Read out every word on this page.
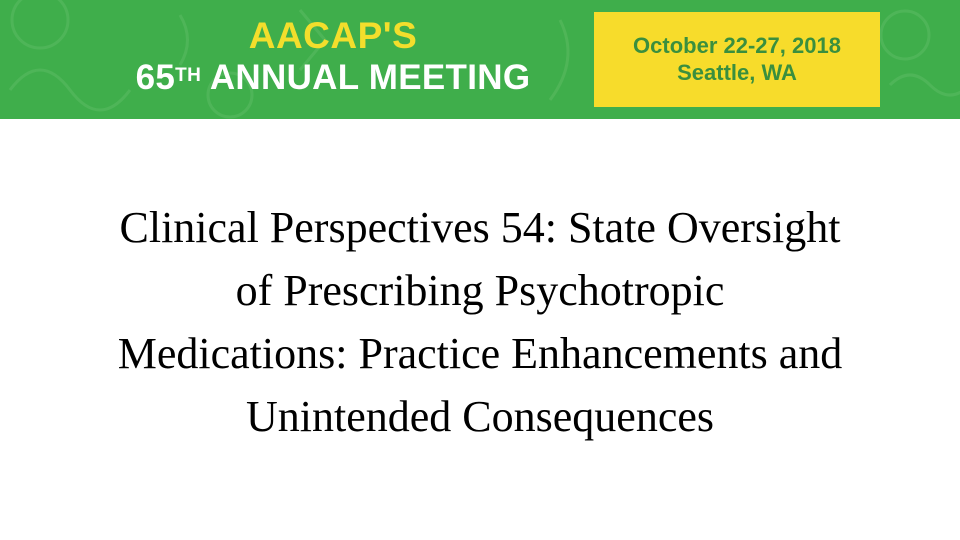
AACAP'S
65TH ANNUAL MEETING
October 22-27, 2018
Seattle, WA
Clinical Perspectives 54: State Oversight
of Prescribing Psychotropic
Medications: Practice Enhancements and
Unintended Consequences
